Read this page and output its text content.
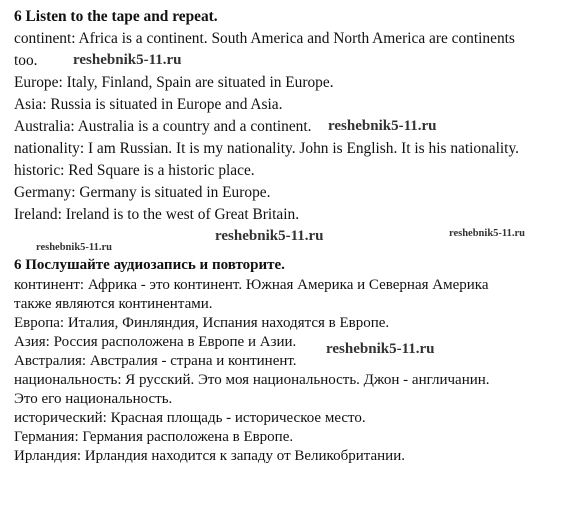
6 Listen to the tape and repeat.
continent: Africa is a continent. South America and North America are continents
too.
Europe: Italy, Finland, Spain are situated in Europe.
Asia: Russia is situated in Europe and Asia.
Australia: Australia is a country and a continent.
nationality: I am Russian. It is my nationality. John is English. It is his nationality.
historic: Red Square is a historic place.
Germany: Germany is situated in Europe.
Ireland: Ireland is to the west of Great Britain.
6 Послушайте аудиозапись и повторите.
континент: Африка - это континент. Южная Америка и Северная Америка
также являются континентами.
Европа: Италия, Финляндия, Испания находятся в Европе.
Азия: Россия расположена в Европе и Азии.
Австралия: Австралия - страна и континент.
национальность: Я русский. Это моя национальность. Джон - англичанин.
Это его национальность.
исторический: Красная площадь - историческое место.
Германия: Германия расположена в Европе.
Ирландия: Ирландия находится к западу от Великобритании.
reshebnik5-11.ru
reshebnik5-11.ru
reshebnik5-11.ru
reshebnik5-11.ru	reshebnik5-11.ru
reshebnik5-11.ru
